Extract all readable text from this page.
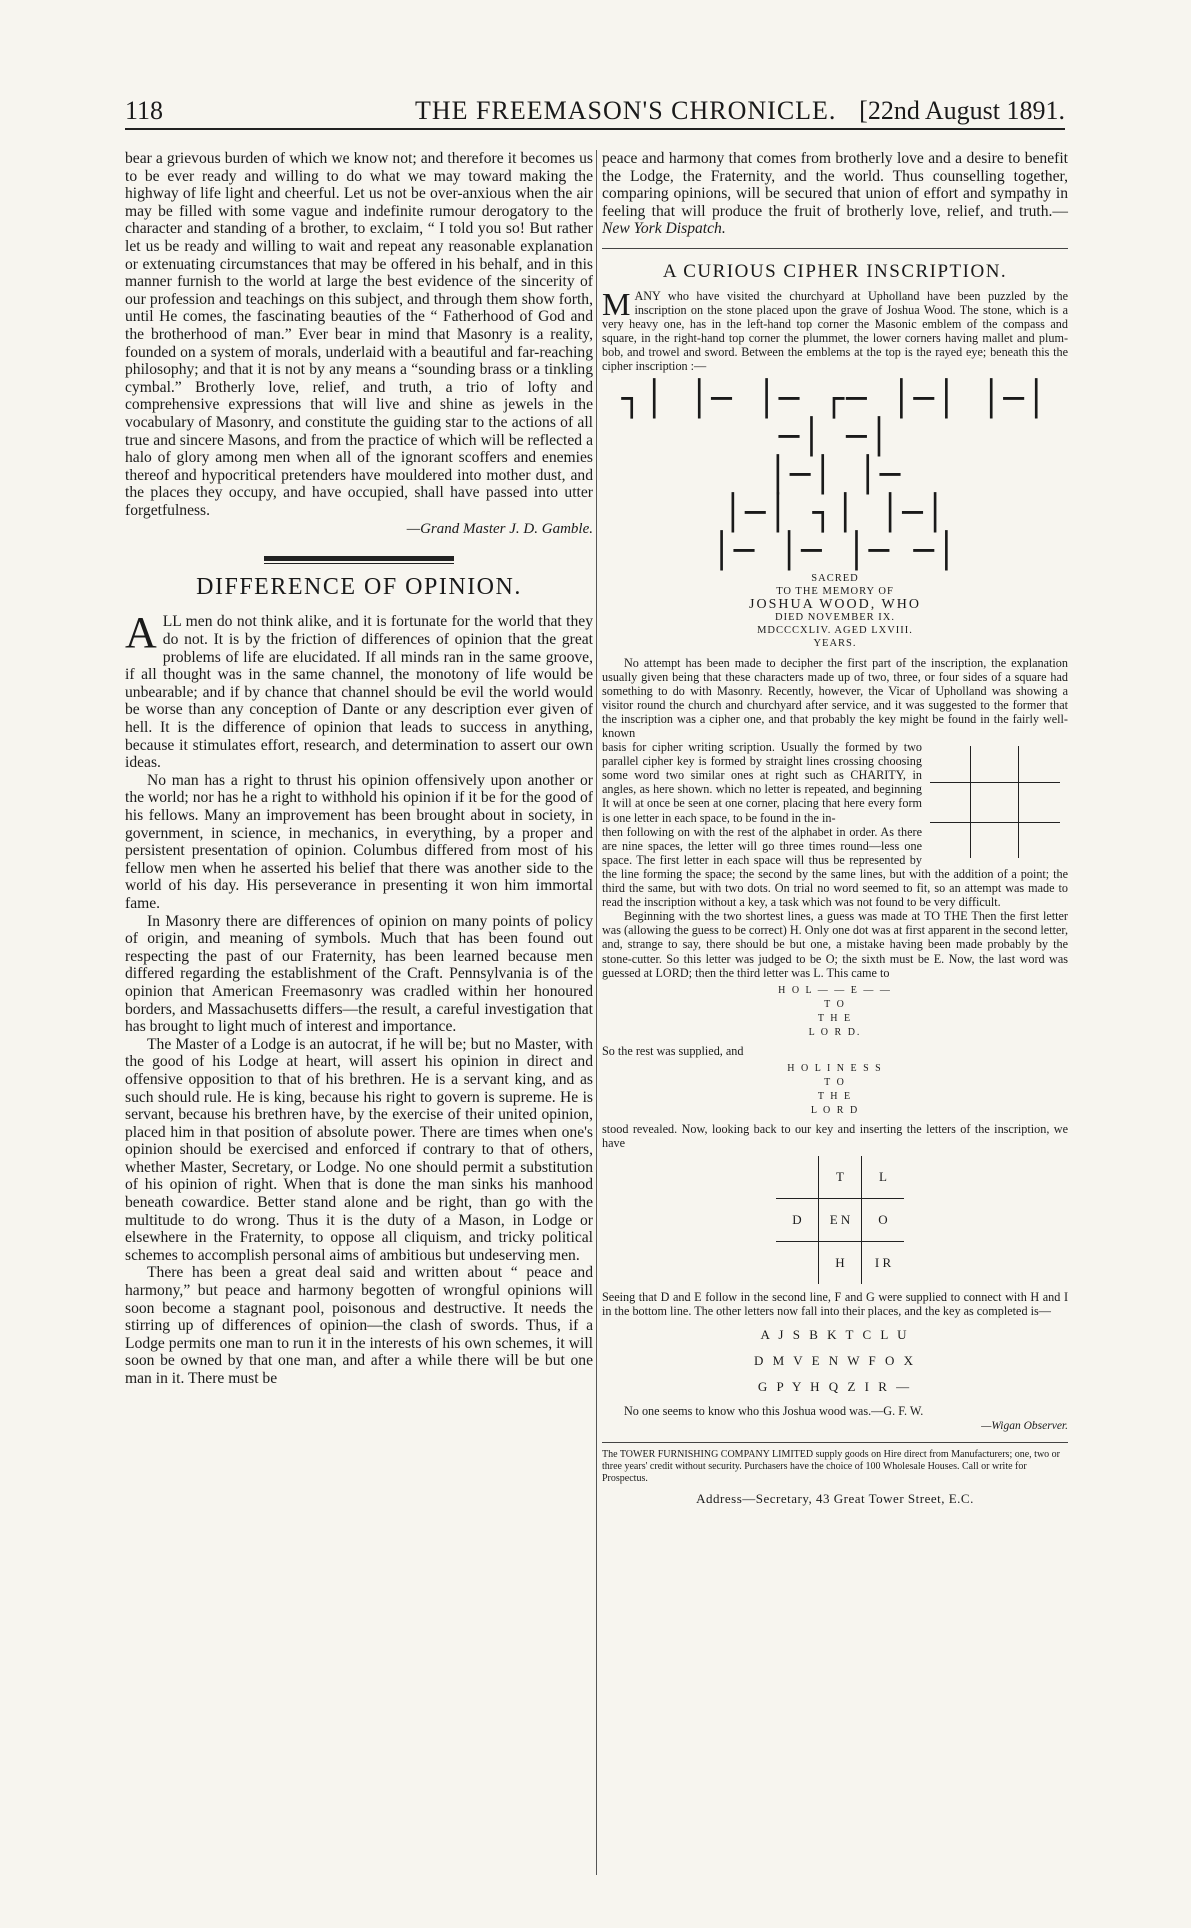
118	THE FREEMASON'S CHRONICLE. [22nd August 1891.

bear a grievous burden of which we know not; and therefore it becomes us to be ever ready and willing to do what we may toward making the highway of life light and cheerful. Let us not be over-anxious when the air may be filled with some vague and indefinite rumour derogatory to the character and standing of a brother, to exclaim, “ I told you so! But rather let us be ready and willing to wait and repeat any reasonable explanation or extenuating circumstances that may be offered in his behalf, and in this manner furnish to the world at large the best evidence of the sincerity of our profession and teachings on this subject, and through them show forth, until He comes, the fascinating beauties of the “ Fatherhood of God and the brotherhood of man.” Ever bear in mind that Masonry is a reality, founded on a system of morals, underlaid with a beautiful and far-reaching philosophy; and that it is not by any means a “sounding brass or a tinkling cymbal.” Brotherly love, relief, and truth, a trio of lofty and comprehensive expressions that will live and shine as jewels in the vocabulary of Masonry, and constitute the guiding star to the actions of all true and sincere Masons, and from the practice of which will be reflected a halo of glory among men when all of the ignorant scoffers and enemies thereof and hypocritical pretenders have mouldered into mother dust, and the places they occupy, and have occupied, shall have passed into utter forgetfulness.

—Grand Master J. D. Gamble.
DIFFERENCE OF OPINION.
A LL men do not think alike, and it is fortunate for the world that they do not. It is by the friction of differences of opinion that the great problems of life are elucidated. If all minds ran in the same groove, if all thought was in the same channel, the monotony of life would be unbearable; and if by chance that channel should be evil the world would be worse than any conception of Dante or any description ever given of hell. It is the difference of opinion that leads to success in anything, because it stimulates effort, research, and determination to assert our own ideas.

No man has a right to thrust his opinion offensively upon another or the world; nor has he a right to withhold his opinion if it be for the good of his fellows. Many an improvement has been brought about in society, in government, in science, in mechanics, in everything, by a proper and persistent presentation of opinion. Columbus differed from most of his fellow men when he asserted his belief that there was another side to the world of his day. His perseverance in presenting it won him immortal fame.

In Masonry there are differences of opinion on many points of policy of origin, and meaning of symbols. Much that has been found out respecting the past of our Fraternity, has been learned because men differed regarding the establishment of the Craft. Pennsylvania is of the opinion that American Freemasonry was cradled within her honoured borders, and Massachusetts differs—the result, a careful investigation that has brought to light much of interest and importance.

The Master of a Lodge is an autocrat, if he will be; but no Master, with the good of his Lodge at heart, will assert his opinion in direct and offensive opposition to that of his brethren. He is a servant king, and as such should rule. He is king, because his right to govern is supreme. He is servant, because his brethren have, by the exercise of their united opinion, placed him in that position of absolute power. There are times when one's opinion should be exercised and enforced if contrary to that of others, whether Master, Secretary, or Lodge. No one should permit a substitution of his opinion of right. When that is done the man sinks his manhood beneath cowardice. Better stand alone and be right, than go with the multitude to do wrong. Thus it is the duty of a Mason, in Lodge or elsewhere in the Fraternity, to oppose all cliquism, and tricky political schemes to accomplish personal aims of ambitious but undeserving men.

There has been a great deal said and written about “ peace and harmony,” but peace and harmony begotten of wrongful opinions will soon become a stagnant pool, poisonous and destructive. It needs the stirring up of differences of opinion—the clash of swords. Thus, if a Lodge permits one man to run it in the interests of his own schemes, it will soon be owned by that one man, and after a while there will be but one man in it. There must be

peace and harmony that comes from brotherly love and a desire to benefit the Lodge, the Fraternity, and the world. Thus counselling together, comparing opinions, will be secured that union of effort and sympathy in feeling that will produce the fruit of brotherly love, relief, and truth.— New York Dispatch.

A CURIOUS CIPHER INSCRIPTION.
M ANY who have visited the churchyard at Upholland have been puzzled by the inscription on the stone placed upon the grave of Joshua Wood. The stone, which is a very heavy one, has in the left-hand top corner the Masonic emblem of the compass and square, in the right-hand top corner the plummet, the lower corners having mallet and plum-bob, and trowel and sword. Between the emblems at the top is the rayed eye; beneath this the cipher inscription :—

┐│ │─ │─ ┌─ │─│ │─│ ─│ ─│
│─│ │─
│─│ ┐│ │─│
│─ │─ │─ ─│
SACRED
TO THE MEMORY OF
JOSHUA WOOD, WHO
DIED NOVEMBER IX.
MDCCCXLIV. AGED LXVIII.
YEARS.

No attempt has been made to decipher the first part of the inscription, the explanation usually given being that these characters made up of two, three, or four sides of a square had something to do with Masonry. Recently, however, the Vicar of Upholland was showing a visitor round the church and churchyard after service, and it was suggested to the former that the inscription was a cipher one, and that probably the key might be found in the fairly well-known

basis for cipher writing scription. Usually the formed by two parallel cipher key is formed by straight lines crossing choosing some word two similar ones at right such as CHARITY, in angles, as here shown. which no letter is repeated, and beginning It will at once be seen at one corner, placing that here every form is one letter in each space, to be found in the in-

then following on with the rest of the alphabet in order. As there are nine spaces, the letter will go three times round—less one space. The first letter in each space will thus be represented by the line forming the space; the second by the same lines, but with the addition of a point; the third the same, but with two dots. On trial no word seemed to fit, so an attempt was made to read the inscription without a key, a task which was not found to be very difficult.

Beginning with the two shortest lines, a guess was made at TO THE Then the first letter was (allowing the guess to be correct) H. Only one dot was at first apparent in the second letter, and, strange to say, there should be but one, a mistake having been made probably by the stone-cutter. So this letter was judged to be O; the sixth must be E. Now, the last word was guessed at LORD; then the third letter was L. This came to

H O L — — E — —
T O
T H E
L O R D.

So the rest was supplied, and

H O L I N E S S
T O
T H E
L O R D

stood revealed. Now, looking back to our key and inserting the letters of the inscription, we have

	T	L
D	E N	O
	H	I R

Seeing that D and E follow in the second line, F and G were supplied to connect with H and I in the bottom line. The other letters now fall into their places, and the key as completed is—

A J S B K T C L U
D M V E N W F O X
G P Y H Q Z I R —

No one seems to know who this Joshua wood was.—G. F. W.

—Wigan Observer.

The TOWER FURNISHING COMPANY LIMITED supply goods on Hire direct from Manufacturers; one, two or three years' credit without security. Purchasers have the choice of 100 Wholesale Houses. Call or write for Prospectus.

Address—Secretary, 43 Great Tower Street, E.C.
